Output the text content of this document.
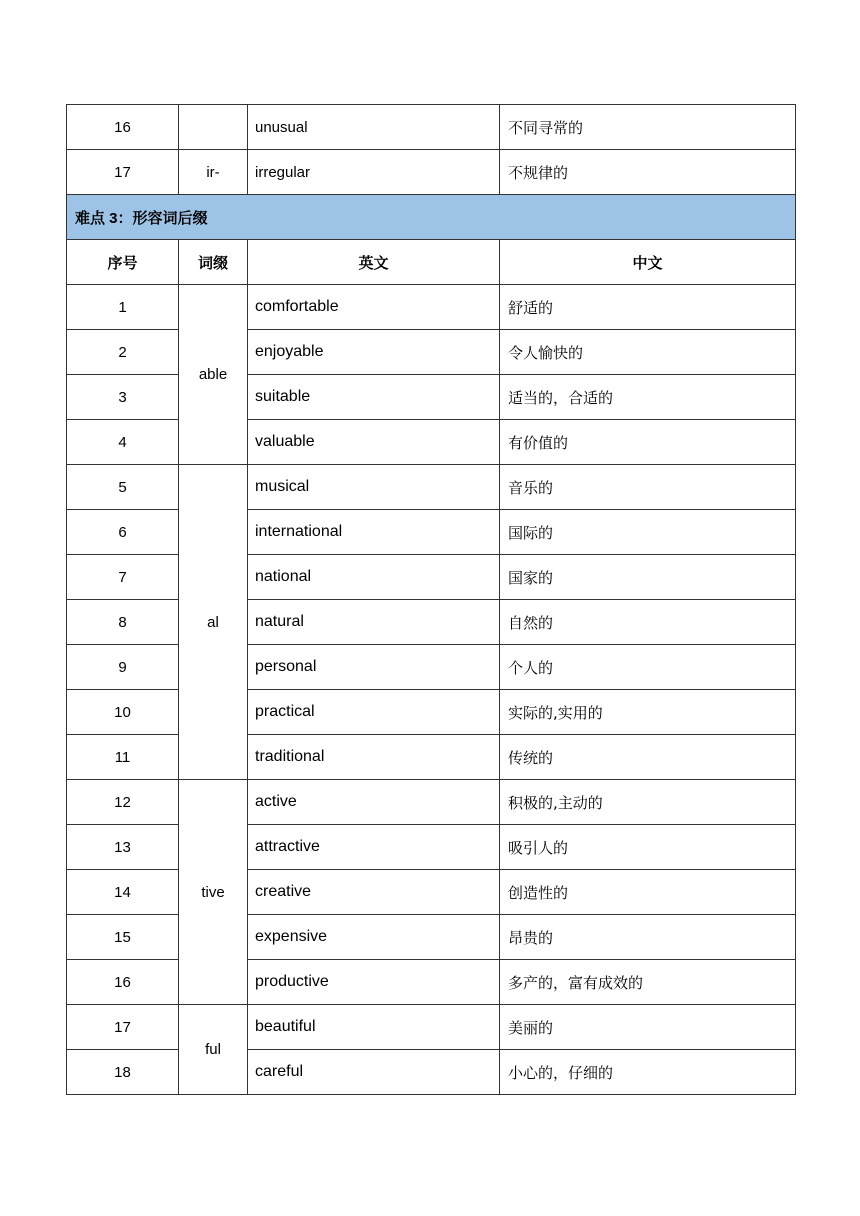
16		unusual	不同寻常的
17	ir-	irregular	不规律的
难点 3：形容词后缀			
序号	词缀	英文	中文
1	able	comfortable	舒适的
2		enjoyable	令人愉快的
3		suitable	适当的，合适的
4		valuable	有价值的
5	al	musical	音乐的
6		international	国际的
7		national	国家的
8		natural	自然的
9		personal	个人的
10		practical	实际的,实用的
11		traditional	传统的
12	tive	active	积极的,主动的
13		attractive	吸引人的
14		creative	创造性的
15		expensive	昂贵的
16		productive	多产的，富有成效的
17	ful	beautiful	美丽的
18		careful	小心的，仔细的
